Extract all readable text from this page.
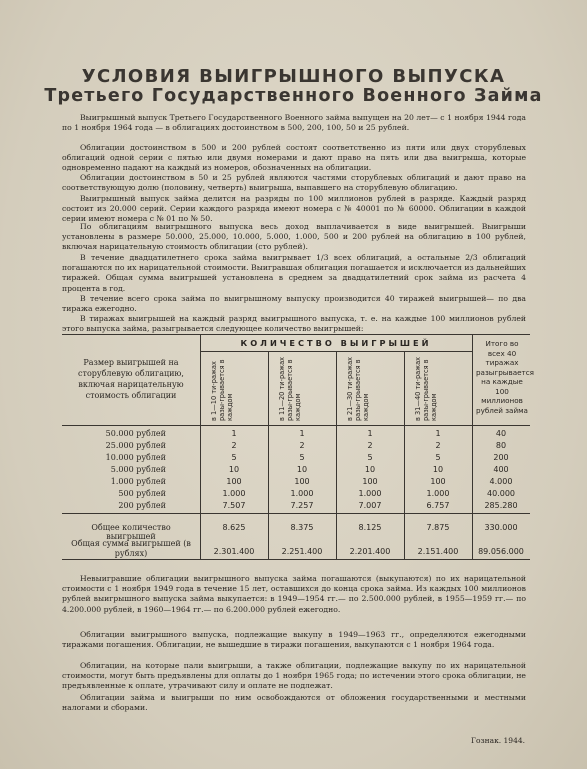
УСЛОВИЯ ВЫИГРЫШНОГО ВЫПУСКА
Третьего Государственного Военного Займа
Выигрышный выпуск Третьего Государственного Военного займа выпущен на 20 лет— с 1 ноября 1944 года по 1 ноября 1964 года — в облигациях достоинством в 500, 200, 100, 50 и 25 рублей.
Облигации достоинством в 500 и 200 рублей состоят соответственно из пяти или двух сторублевых облигаций одной серии с пятью или двумя номерами и дают право на пять или два выигрыша, которые одновременно падают на каждый из номеров, обозначенных на облигации.
Облигации достоинством в 50 и 25 рублей являются частями сторублевых облигаций и дают право на соответствующую долю (половину, четверть) выигрыша, выпавшего на сторублевую облигацию.
Выигрышный выпуск займа делится на разряды по 100 миллионов рублей в разряде. Каждый разряд состоит из 20.000 серий. Серии каждого разряда имеют номера с № 40001 по № 60000. Облигации в каждой серии имеют номера с № 01 по № 50.
По облигациям выигрышного выпуска весь доход выплачивается в виде выигрышей. Выигрыши установлены в размере 50.000, 25.000, 10.000, 5.000, 1.000, 500 и 200 рублей на облигацию в 100 рублей, включая нарицательную стоимость облигации (сто рублей).
В течение двадцатилетнего срока займа выигрывает 1/3 всех облигаций, а остальные 2/3 облигаций погашаются по их нарицательной стоимости. Выигравшая облигация погашается и исключается из дальнейших тиражей. Общая сумма выигрышей установлена в среднем за двадцатилетний срок займа из расчета 4 процента в год.
В течение всего срока займа по выигрышному выпуску производится 40 тиражей выигрышей— по два тиража ежегодно.
В тиражах выигрышей на каждый разряд выигрышного выпуска, т. е. на каждые 100 миллионов рублей этого выпуска займа, разыгрывается следующее количество выигрышей:
КОЛИЧЕСТВО ВЫИГРЫШЕЙ
Размер выигрышей на сторублевую облигацию, включая нарицательную стоимость облигации	в 1—10 ти-ражах разы-грывается в каждом	в 11—20 ти-ражах разы-грывается в каждом	в 21—30 ти-ражах разы-грывается в каждом	в 31—40 ти-ражах разы-грывается в каждом
Итого во всех 40 тиражах разыгрывается на каждые 100 миллионов рублей займа
50.000 рублей	1	1	1	1	40
25.000 рублей	2	2	2	2	80
10.000 рублей	5	5	5	5	200
5.000 рублей	10	10	10	10	400
1.000 рублей	100	100	100	100	4.000
500 рублей	1.000	1.000	1.000	1.000	40.000
200 рублей	7.507	7.257	7.007	6.757	285.280
Общее количество выигрышей
8.625	8.375	8.125	7.875	330.000
Общая сумма выигрышей (в рублях)	2.301.400	2.251.400	2.201.400	2.151.400	89.056.000
Невыигравшие облигации выигрышного выпуска займа погашаются (выкупаются) по их нарицательной стоимости с 1 ноября 1949 года в течение 15 лет, оставшихся до конца срока займа. Из каждых 100 миллионов рублей выигрышного выпуска займа выкупается: в 1949—1954 гг.— по 2.500.000 рублей, в 1955—1959 гг.— по 4.200.000 рублей, в 1960—1964 гг.— по 6.200.000 рублей ежегодно.
Облигации выигрышного выпуска, подлежащие выкупу в 1949—1963 гг., определяются ежегодными тиражами погашения. Облигации, не вышедшие в тиражи погашения, выкупаются с 1 ноября 1964 года.
Облигации, на которые пали выигрыши, а также облигации, подлежащие выкупу по их нарицательной стоимости, могут быть предъявлены для оплаты до 1 ноября 1965 года; по истечении этого срока облигации, не предъявленные к оплате, утрачивают силу и оплате не подлежат.
Облигации займа и выигрыши по ним освобождаются от обложения государственными и местными налогами и сборами.
Гознак. 1944.
